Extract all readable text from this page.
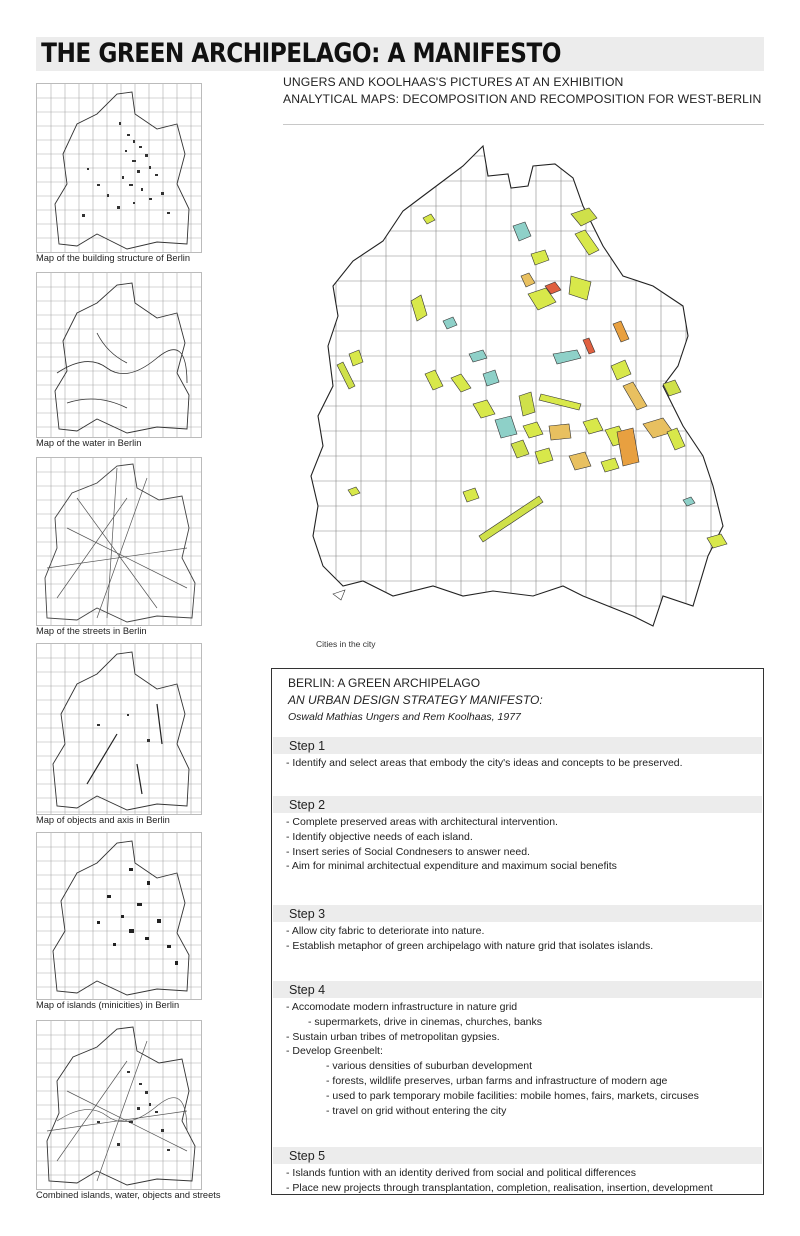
THE GREEN ARCHIPELAGO: A MANIFESTO
UNGERS AND KOOLHAAS'S PICTURES AT AN EXHIBITION
ANALYTICAL MAPS: DECOMPOSITION AND RECOMPOSITION FOR WEST-BERLIN
Map of the building structure of Berlin
Map of the water in Berlin
Map of the streets in Berlin
Map of objects and axis in Berlin
Map of islands (minicities) in Berlin
Combined islands, water, objects and streets
Cities in the city
BERLIN: A GREEN ARCHIPELAGO
AN URBAN DESIGN STRATEGY MANIFESTO:
Oswald Mathias Ungers and Rem Koolhaas, 1977
Step 1
- Identify and select areas that embody the city's ideas and concepts to be preserved.
Step 2
- Complete preserved areas with architectural intervention.
- Identify objective needs of each island.
- Insert series of Social Condnesers to answer need.
- Aim for minimal architectual expenditure and maximum social benefits
Step 3
- Allow city fabric to deteriorate into nature.
- Establish metaphor of green archipelago with nature grid that isolates islands.
Step 4
- Accomodate modern infrastructure in nature grid
- supermarkets, drive in cinemas, churches, banks
- Sustain urban tribes of metropolitan gypsies.
- Develop Greenbelt:
- various densities of suburban development
- forests, wildlife preserves, urban farms and infrastructure of modern age
- used to park temporary mobile facilities: mobile homes, fairs, markets, circuses
- travel on grid without entering the city
Step 5
- Islands funtion with an identity derived from social and political differences
- Place new projects through transplantation, completion, realisation, insertion, development
